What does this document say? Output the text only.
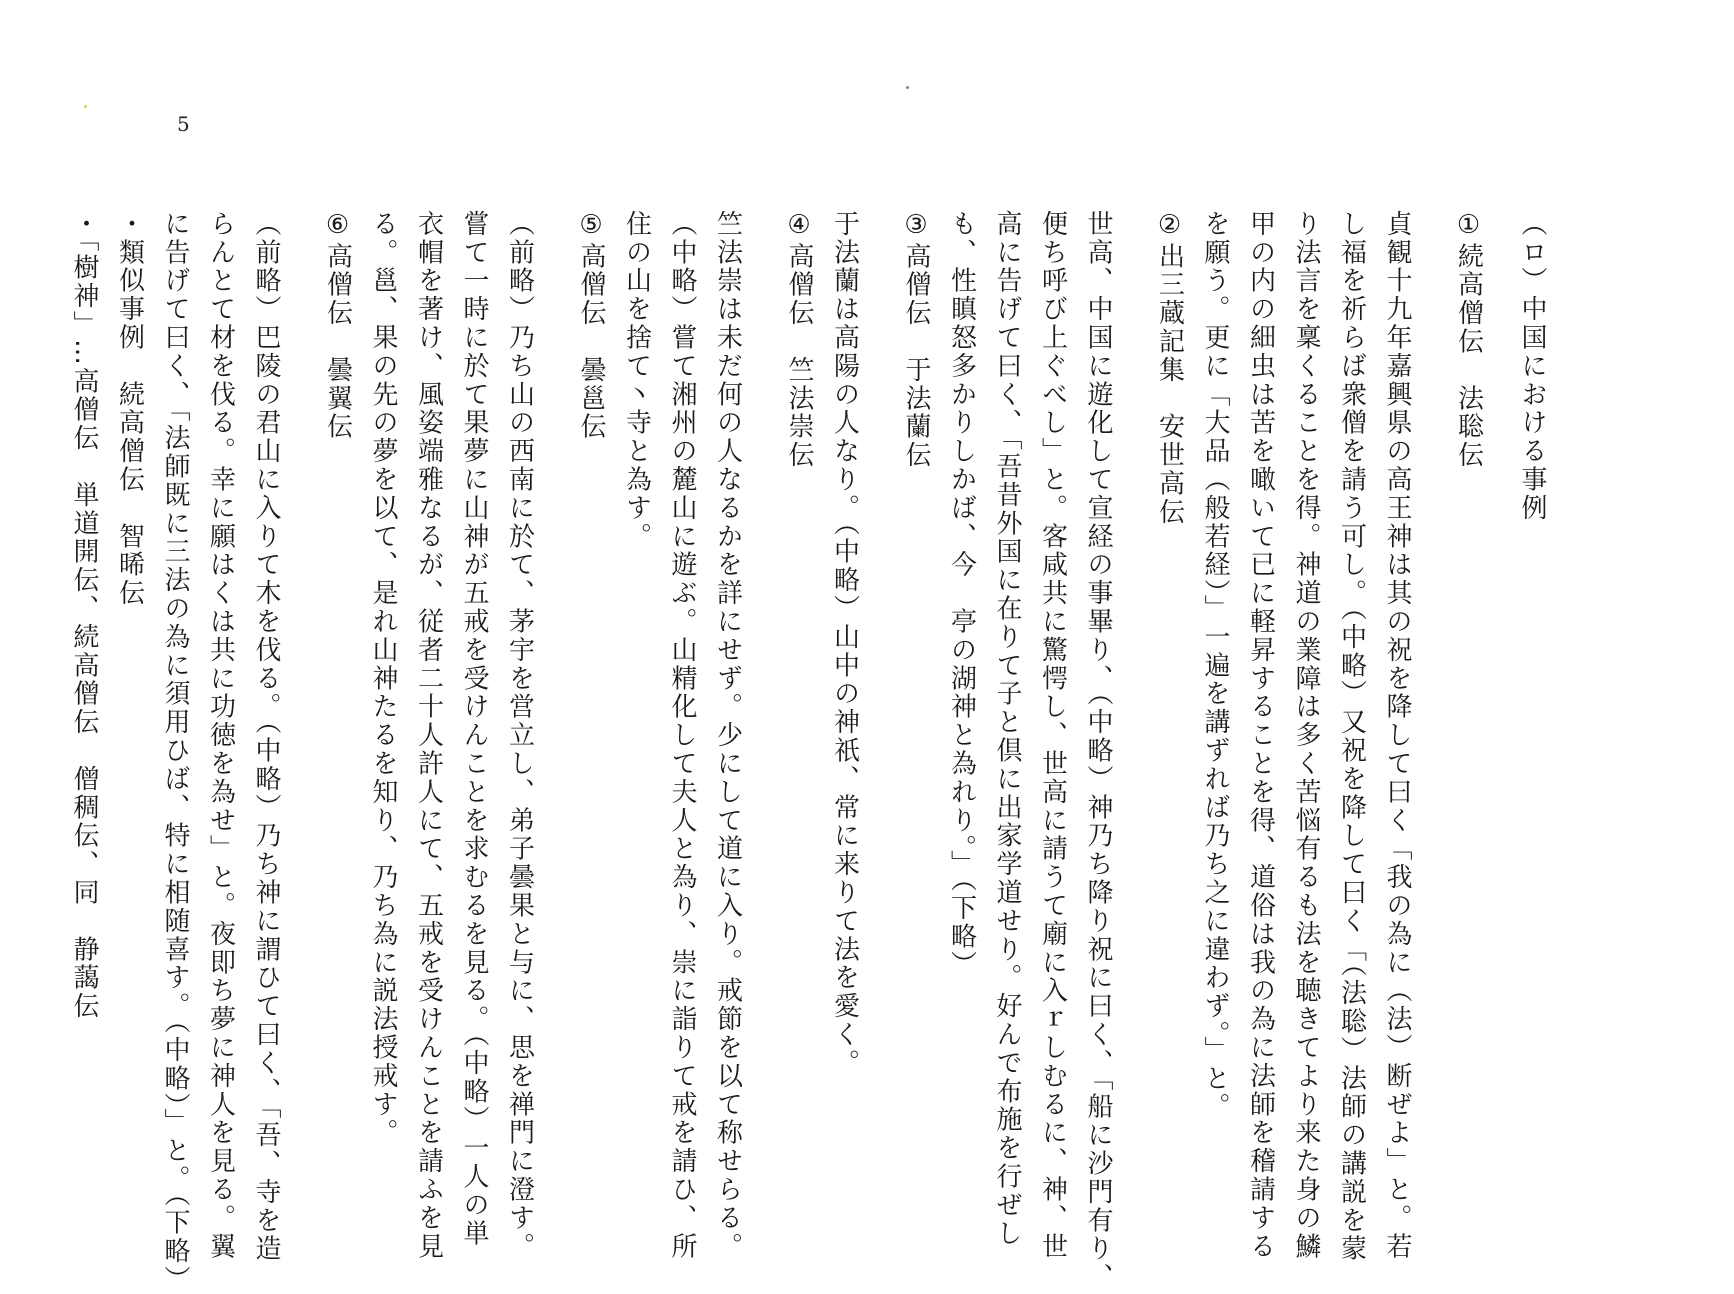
5
（ロ）中国における事例
①続高僧伝　法聡伝
貞観十九年嘉興県の高王神は其の祝を降して曰く「我の為に（法）断ぜよ」と。若
し福を祈らば衆僧を請う可し。（中略）又祝を降して曰く「（法聡）法師の講説を蒙
り法言を稟くることを得。神道の業障は多く苦悩有るも法を聴きてより来た身の鱗
甲の内の細虫は苦を噉いて已に軽昇することを得、道俗は我の為に法師を稽請する
を願う。更に「大品（般若経）」一遍を講ずれば乃ち之に違わず。」と。
②出三蔵記集　安世高伝
世高、中国に遊化して宣経の事畢り、（中略）神乃ち降り祝に曰く、「船に沙門有り、
便ち呼び上ぐべし」と。客咸共に驚愕し、世高に請うて廟に入ｒしむるに、神、世
高に告げて曰く、「吾昔外国に在りて子と倶に出家学道せり。好んで布施を行ぜし
も、性瞋怒多かりしかば、今　亭の湖神と為れり。」（下略）
③高僧伝　于法蘭伝
于法蘭は高陽の人なり。（中略）山中の神祇、常に来りて法を愛く。
④高僧伝　竺法崇伝
竺法崇は未だ何の人なるかを詳にせず。少にして道に入り。戒節を以て称せらる。
（中略）嘗て湘州の麓山に遊ぶ。山精化して夫人と為り、崇に詣りて戒を請ひ、所
住の山を捨て丶寺と為す。
⑤高僧伝　曇邕伝
（前略）乃ち山の西南に於て、茅宇を営立し、弟子曇果と与に、思を禅門に澄す。
嘗て一時に於て果夢に山神が五戒を受けんことを求むるを見る。（中略）一人の単
衣帽を著け、風姿端雅なるが、従者二十人許人にて、五戒を受けんことを請ふを見
る。邕、果の先の夢を以て、是れ山神たるを知り、乃ち為に説法授戒す。
⑥高僧伝　曇翼伝
（前略）巴陵の君山に入りて木を伐る。（中略）乃ち神に謂ひて曰く、「吾、寺を造
らんとて材を伐る。幸に願はくは共に功徳を為せ」と。夜即ち夢に神人を見る。翼
に告げて曰く、「法師既に三法の為に須用ひば、特に相随喜す。（中略）」と。（下略）
・類似事例　続高僧伝　智晞伝
・「樹神」…高僧伝　単道開伝、続高僧伝　僧稠伝、同　静藹伝
